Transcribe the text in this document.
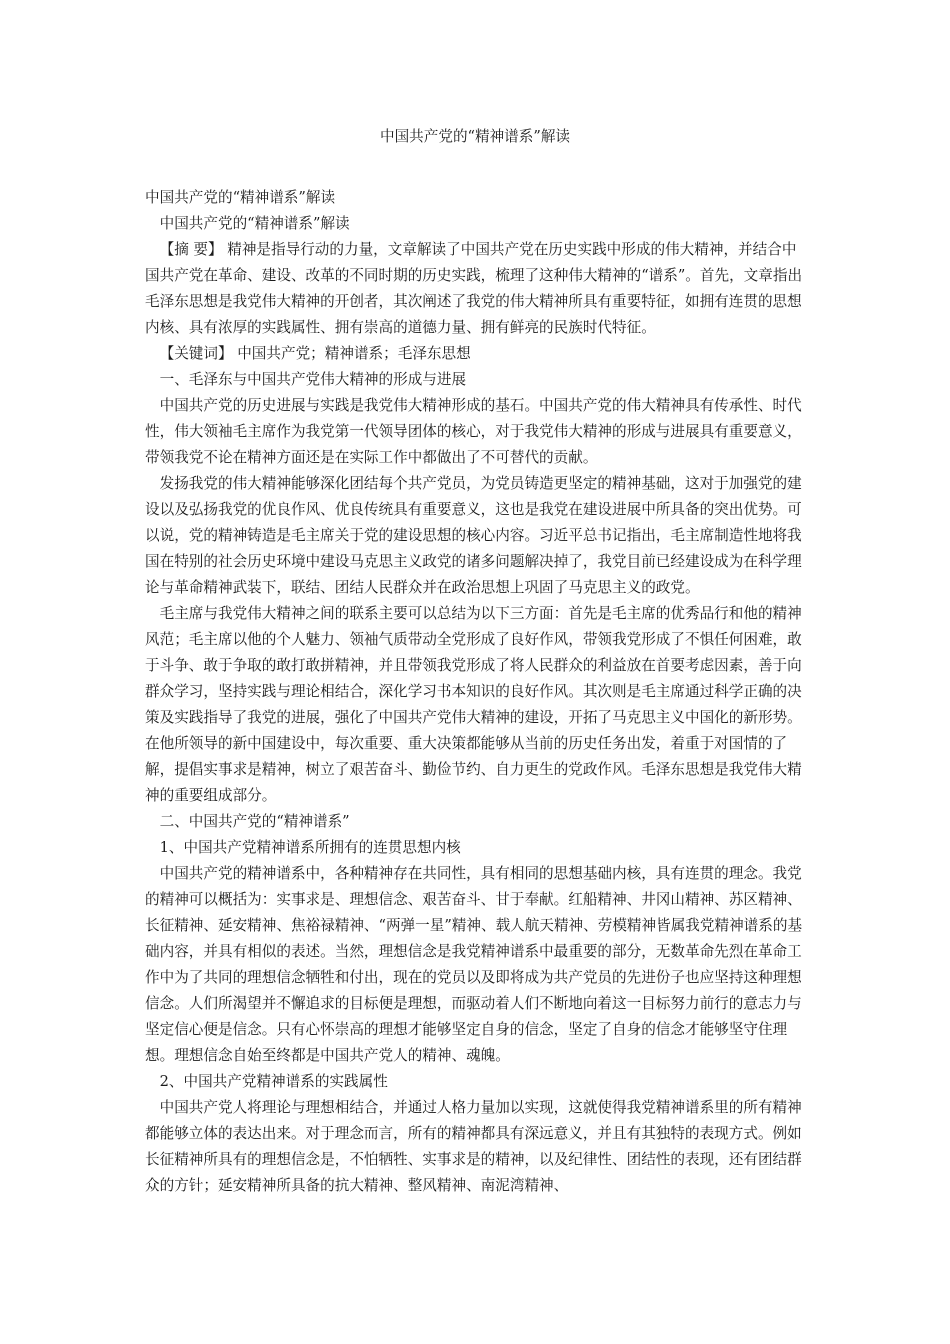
中国共产党的“精神谱系”解读

中国共产党的“精神谱系”解读

中国共产党的“精神谱系”解读

【摘 要】 精神是指导行动的力量，文章解读了中国共产党在历史实践中形成的伟大精神，并结合中国共产党在革命、建设、改革的不同时期的历史实践，梳理了这种伟大精神的“谱系”。首先，文章指出毛泽东思想是我党伟大精神的开创者，其次阐述了我党的伟大精神所具有重要特征，如拥有连贯的思想内核、具有浓厚的实践属性、拥有崇高的道德力量、拥有鲜亮的民族时代特征。

【关键词】 中国共产党；精神谱系；毛泽东思想

一、毛泽东与中国共产党伟大精神的形成与进展

中国共产党的历史进展与实践是我党伟大精神形成的基石。中国共产党的伟大精神具有传承性、时代性，伟大领袖毛主席作为我党第一代领导团体的核心，对于我党伟大精神的形成与进展具有重要意义，带领我党不论在精神方面还是在实际工作中都做出了不可替代的贡献。

发扬我党的伟大精神能够深化团结每个共产党员，为党员铸造更坚定的精神基础，这对于加强党的建设以及弘扬我党的优良作风、优良传统具有重要意义，这也是我党在建设进展中所具备的突出优势。可以说，党的精神铸造是毛主席关于党的建设思想的核心内容。习近平总书记指出，毛主席制造性地将我国在特别的社会历史环境中建设马克思主义政党的诸多问题解决掉了，我党目前已经建设成为在科学理论与革命精神武装下，联结、团结人民群众并在政治思想上巩固了马克思主义的政党。

毛主席与我党伟大精神之间的联系主要可以总结为以下三方面：首先是毛主席的优秀品行和他的精神风范；毛主席以他的个人魅力、领袖气质带动全党形成了良好作风，带领我党形成了不惧任何困难，敢于斗争、敢于争取的敢打敢拼精神，并且带领我党形成了将人民群众的利益放在首要考虑因素，善于向群众学习，坚持实践与理论相结合，深化学习书本知识的良好作风。其次则是毛主席通过科学正确的决策及实践指导了我党的进展，强化了中国共产党伟大精神的建设，开拓了马克思主义中国化的新形势。在他所领导的新中国建设中，每次重要、重大决策都能够从当前的历史任务出发，着重于对国情的了解，提倡实事求是精神，树立了艰苦奋斗、勤俭节约、自力更生的党政作风。毛泽东思想是我党伟大精神的重要组成部分。

二、中国共产党的“精神谱系”

1、中国共产党精神谱系所拥有的连贯思想内核

中国共产党的精神谱系中，各种精神存在共同性，具有相同的思想基础内核，具有连贯的理念。我党的精神可以概括为：实事求是、理想信念、艰苦奋斗、甘于奉献。红船精神、井冈山精神、苏区精神、长征精神、延安精神、焦裕禄精神、“两弹一星”精神、载人航天精神、劳模精神皆属我党精神谱系的基础内容，并具有相似的表述。当然，理想信念是我党精神谱系中最重要的部分，无数革命先烈在革命工作中为了共同的理想信念牺牲和付出，现在的党员以及即将成为共产党员的先进份子也应坚持这种理想信念。人们所渴望并不懈追求的目标便是理想，而驱动着人们不断地向着这一目标努力前行的意志力与坚定信心便是信念。只有心怀崇高的理想才能够坚定自身的信念，坚定了自身的信念才能够坚守住理想。理想信念自始至终都是中国共产党人的精神、魂魄。

2、中国共产党精神谱系的实践属性

中国共产党人将理论与理想相结合，并通过人格力量加以实现，这就使得我党精神谱系里的所有精神都能够立体的表达出来。对于理念而言，所有的精神都具有深远意义，并且有其独特的表现方式。例如长征精神所具有的理想信念是，不怕牺牲、实事求是的精神，以及纪律性、团结性的表现，还有团结群众的方针；延安精神所具备的抗大精神、整风精神、南泥湾精神、
